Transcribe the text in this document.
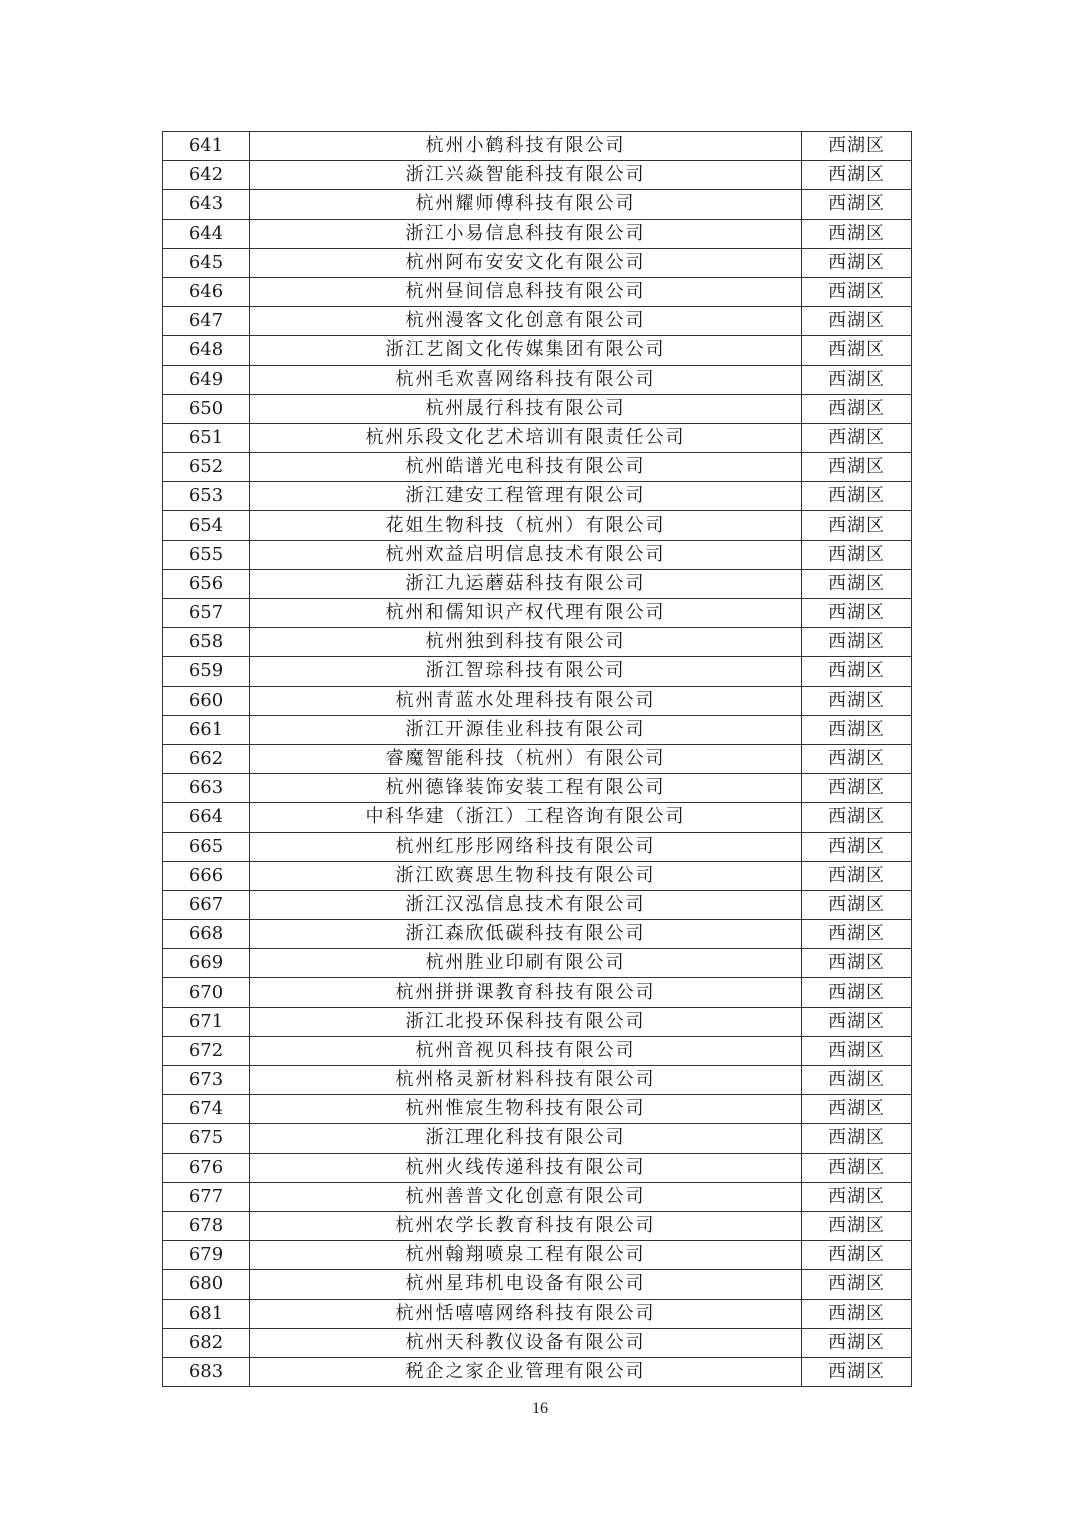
641	杭州小鹤科技有限公司	西湖区
642	浙江兴焱智能科技有限公司	西湖区
643	杭州耀师傅科技有限公司	西湖区
644	浙江小易信息科技有限公司	西湖区
645	杭州阿布安安文化有限公司	西湖区
646	杭州昼间信息科技有限公司	西湖区
647	杭州漫客文化创意有限公司	西湖区
648	浙江艺阁文化传媒集团有限公司	西湖区
649	杭州毛欢喜网络科技有限公司	西湖区
650	杭州晟行科技有限公司	西湖区
651	杭州乐段文化艺术培训有限责任公司	西湖区
652	杭州皓谱光电科技有限公司	西湖区
653	浙江建安工程管理有限公司	西湖区
654	花姐生物科技（杭州）有限公司	西湖区
655	杭州欢益启明信息技术有限公司	西湖区
656	浙江九运蘑菇科技有限公司	西湖区
657	杭州和儒知识产权代理有限公司	西湖区
658	杭州独到科技有限公司	西湖区
659	浙江智琮科技有限公司	西湖区
660	杭州青蓝水处理科技有限公司	西湖区
661	浙江开源佳业科技有限公司	西湖区
662	睿魔智能科技（杭州）有限公司	西湖区
663	杭州德锋装饰安装工程有限公司	西湖区
664	中科华建（浙江）工程咨询有限公司	西湖区
665	杭州红彤彤网络科技有限公司	西湖区
666	浙江欧赛思生物科技有限公司	西湖区
667	浙江汉泓信息技术有限公司	西湖区
668	浙江森欣低碳科技有限公司	西湖区
669	杭州胜业印刷有限公司	西湖区
670	杭州拼拼课教育科技有限公司	西湖区
671	浙江北投环保科技有限公司	西湖区
672	杭州音视贝科技有限公司	西湖区
673	杭州格灵新材料科技有限公司	西湖区
674	杭州惟宸生物科技有限公司	西湖区
675	浙江理化科技有限公司	西湖区
676	杭州火线传递科技有限公司	西湖区
677	杭州善普文化创意有限公司	西湖区
678	杭州农学长教育科技有限公司	西湖区
679	杭州翰翔喷泉工程有限公司	西湖区
680	杭州星玮机电设备有限公司	西湖区
681	杭州恬嘻嘻网络科技有限公司	西湖区
682	杭州天科教仪设备有限公司	西湖区
683	税企之家企业管理有限公司	西湖区
16
